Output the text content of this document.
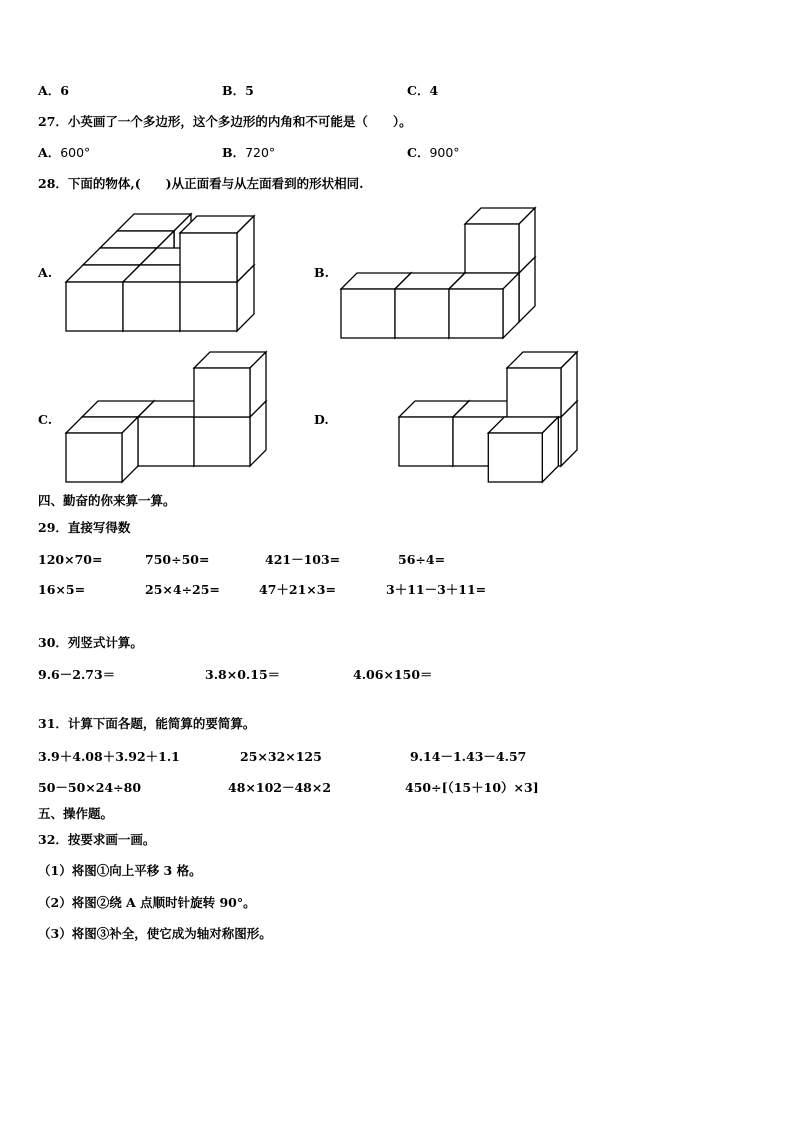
A．6	B．5	C．4
27．小英画了一个多边形，这个多边形的内角和不可能是（　　）。
A．600°	B．720°	C．900°
28．下面的物体,(　　)从正面看与从左面看到的形状相同.
A.	B.
C.	D.
四、勤奋的你来算一算。
29．直接写得数
120×70=	750÷50=	421－103=	56÷4=
16×5=	25×4÷25=	47＋21×3=	3＋11－3＋11=
30．列竖式计算。
9.6－2.73＝	3.8×0.15＝	4.06×150＝
31．计算下面各题，能简算的要简算。
3.9＋4.08＋3.92＋1.1	25×32×125	9.14－1.43－4.57
50－50×24÷80	48×102－48×2	450÷[（15＋10）×3]
五、操作题。
32．按要求画一画。
（1）将图①向上平移 3 格。
（2）将图②绕 A 点顺时针旋转 90°。
（3）将图③补全，使它成为轴对称图形。
